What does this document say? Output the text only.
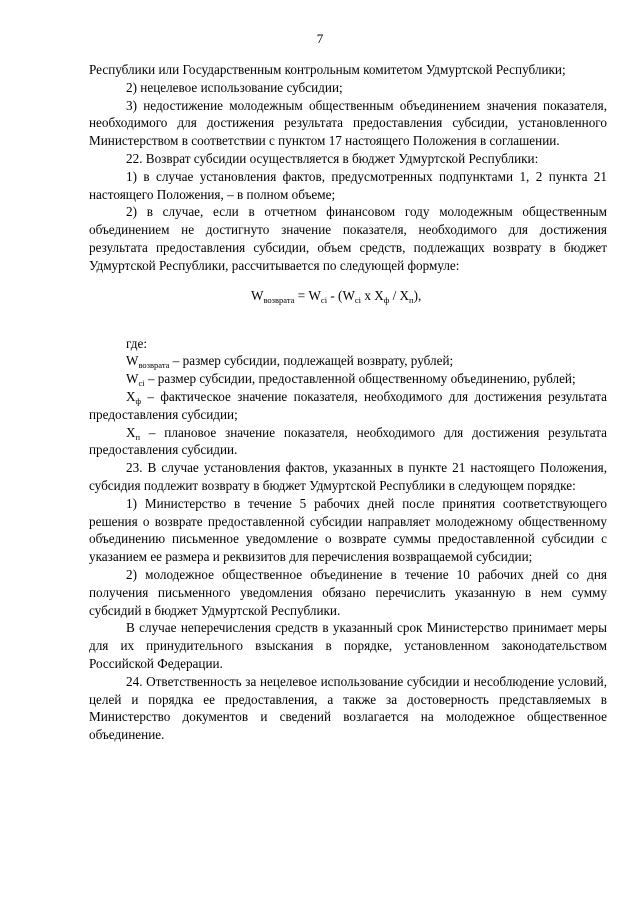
7

Республики или Государственным контрольным комитетом Удмуртской Республики;

2) нецелевое использование субсидии;

3) недостижение молодежным общественным объединением значения показателя, необходимого для достижения результата предоставления субсидии, установленного Министерством в соответствии с пунктом 17 настоящего Положения в соглашении.

22. Возврат субсидии осуществляется в бюджет Удмуртской Республики:

1) в случае установления фактов, предусмотренных подпунктами 1, 2 пункта 21 настоящего Положения, – в полном объеме;

2) в случае, если в отчетном финансовом году молодежным общественным объединением не достигнуто значение показателя, необходимого для достижения результата предоставления субсидии, объем средств, подлежащих возврату в бюджет Удмуртской Республики, рассчитывается по следующей формуле:

$W_{возврата} = W_{ci} - (W_{ci}$ x $X_ф / X_п$),

где:

$W_{возврата}$ – размер субсидии, подлежащей возврату, рублей;

$W_{ci}$ – размер субсидии, предоставленной общественному объединению, рублей;

$X_ф$ – фактическое значение показателя, необходимого для достижения результата предоставления субсидии;

$X_п$ – плановое значение показателя, необходимого для достижения результата предоставления субсидии.

23. В случае установления фактов, указанных в пункте 21 настоящего Положения, субсидия подлежит возврату в бюджет Удмуртской Республики в следующем порядке:

1) Министерство в течение 5 рабочих дней после принятия соответствующего решения о возврате предоставленной субсидии направляет молодежному общественному объединению письменное уведомление о возврате суммы предоставленной субсидии с указанием ее размера и реквизитов для перечисления возвращаемой субсидии;

2) молодежное общественное объединение в течение 10 рабочих дней со дня получения письменного уведомления обязано перечислить указанную в нем сумму субсидий в бюджет Удмуртской Республики.

В случае неперечисления средств в указанный срок Министерство принимает меры для их принудительного взыскания в порядке, установленном законодательством Российской Федерации.

24. Ответственность за нецелевое использование субсидии и несоблюдение условий, целей и порядка ее предоставления, а также за достоверность представляемых в Министерство документов и сведений возлагается на молодежное общественное объединение.
